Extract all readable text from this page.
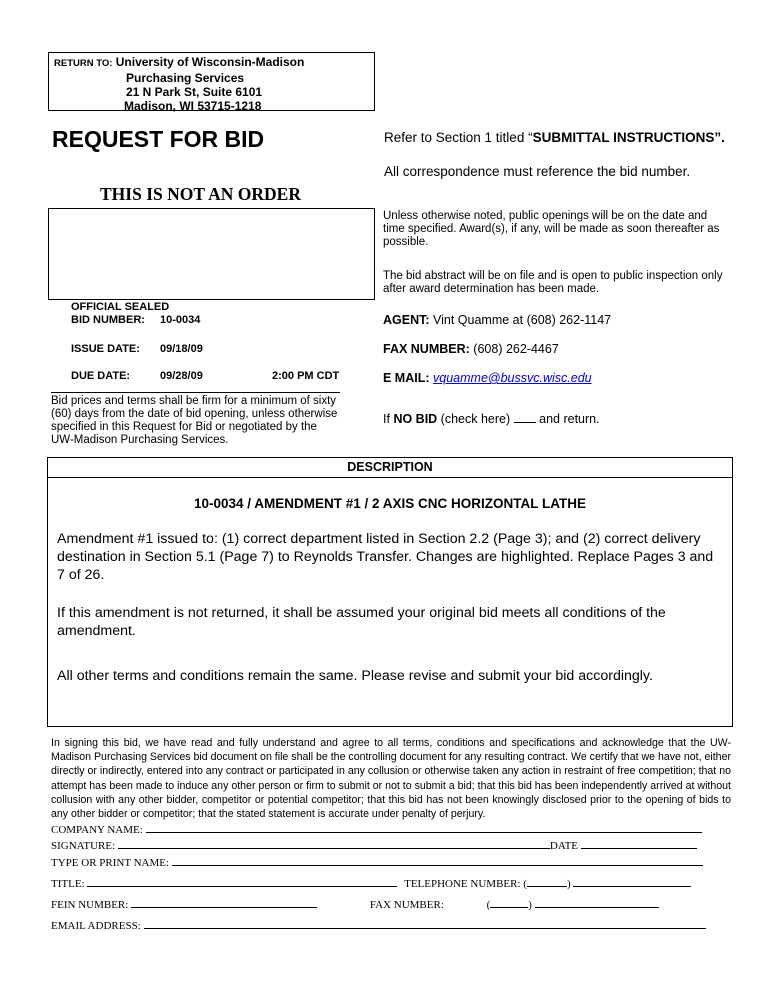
RETURN TO: University of Wisconsin-Madison
Purchasing Services
21 N Park St, Suite 6101
Madison, WI 53715-1218
REQUEST FOR BID	Refer to Section 1 titled “SUBMITTAL INSTRUCTIONS”.
All correspondence must reference the bid number.
THIS IS NOT AN ORDER
Unless otherwise noted, public openings will be on the date and time specified. Award(s), if any, will be made as soon thereafter as possible.
The bid abstract will be on file and is open to public inspection only after award determination has been made.
OFFICIAL SEALED
BID NUMBER: 10-0034
ISSUE DATE: 09/18/09
DUE DATE:	09/28/09	2:00 PM CDT
Bid prices and terms shall be firm for a minimum of sixty (60) days from the date of bid opening, unless otherwise specified in this Request for Bid or negotiated by the UW-Madison Purchasing Services.
AGENT: Vint Quamme at (608) 262-1147
FAX NUMBER: (608) 262-4467
E MAIL: vquamme@bussvc.wisc.edu
If NO BID (check here) and return.
DESCRIPTION
10-0034 / AMENDMENT #1 / 2 AXIS CNC HORIZONTAL LATHE
Amendment #1 issued to: (1) correct department listed in Section 2.2 (Page 3); and (2) correct delivery destination in Section 5.1 (Page 7) to Reynolds Transfer. Changes are highlighted. Replace Pages 3 and 7 of 26.
If this amendment is not returned, it shall be assumed your original bid meets all conditions of the amendment.
All other terms and conditions remain the same. Please revise and submit your bid accordingly.
In signing this bid, we have read and fully understand and agree to all terms, conditions and specifications and acknowledge that the UW-Madison Purchasing Services bid document on file shall be the controlling document for any resulting contract. We certify that we have not, either directly or indirectly, entered into any contract or participated in any collusion or otherwise taken any action in restraint of free competition; that no attempt has been made to induce any other person or firm to submit or not to submit a bid; that this bid has been independently arrived at without collusion with any other bidder, competitor or potential competitor; that this bid has not been knowingly disclosed prior to the opening of bids to any other bidder or competitor; that the stated statement is accurate under penalty of perjury.
COMPANY NAME:
SIGNATURE:	DATE
TYPE OR PRINT NAME:
TITLE:	TELEPHONE NUMBER: (	)
FEIN NUMBER:	FAX NUMBER:	(	)
EMAIL ADDRESS:
